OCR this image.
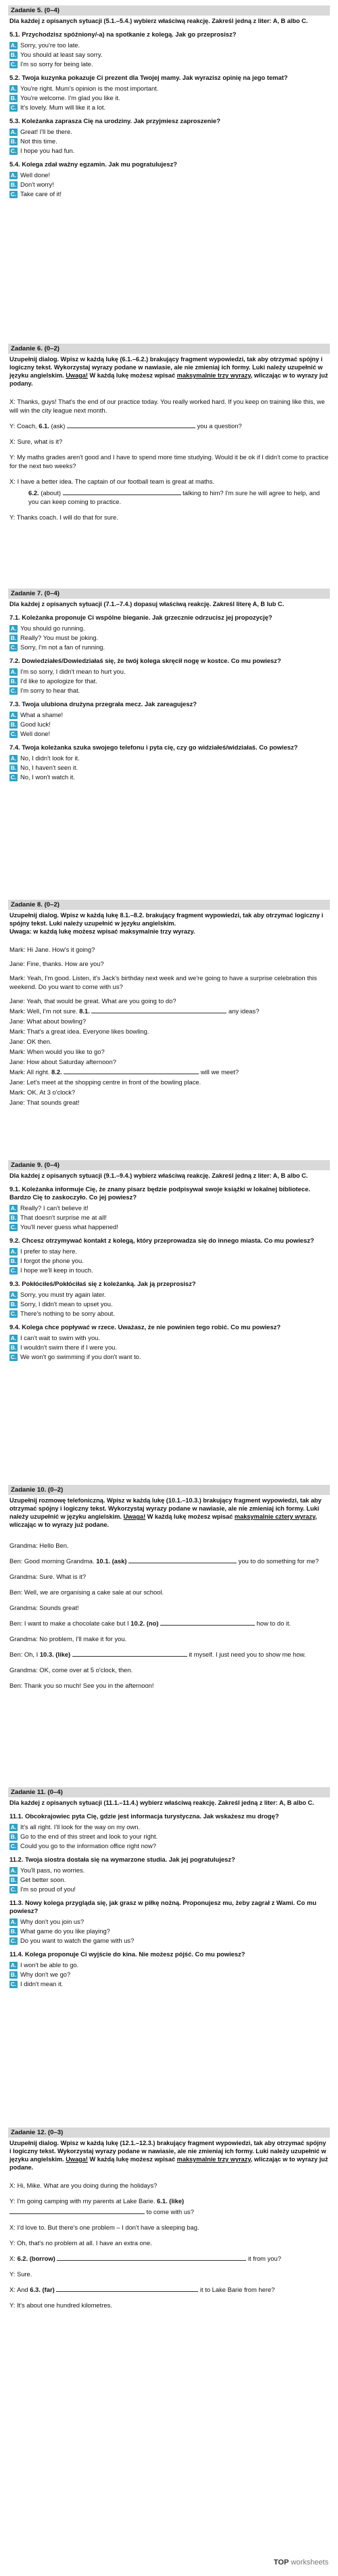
Zadanie 5. (0–4)
Dla każdej z opisanych sytuacji (5.1.–5.4.) wybierz właściwą reakcję. Zakreśl jedną z liter: A, B albo C.
5.1. Przychodzisz spóźniony/-a) na spotkanie z kolegą. Jak go przeprosisz?
A. Sorry, you're too late.
B. You should at least say sorry.
C. I'm so sorry for being late.
5.2. Twoja kuzynka pokazuje Ci prezent dla Twojej mamy. Jak wyrazisz opinię na jego temat?
A. You're right. Mum's opinion is the most important.
B. You're welcome. I'm glad you like it.
C. It's lovely. Mum will like it a lot.
5.3. Koleżanka zaprasza Cię na urodziny. Jak przyjmiesz zaproszenie?
A. Great! I'll be there.
B. Not this time.
C. I hope you had fun.
5.4. Kolega zdał ważny egzamin. Jak mu pogratulujesz?
A. Well done!
B. Don't worry!
C. Take care of it!
Zadanie 6. (0–2)
Uzupełnij dialog. Wpisz w każdą lukę (6.1.–6.2.) brakujący fragment wypowiedzi, tak aby otrzymać spójny i logiczny tekst. Wykorzystaj wyrazy podane w nawiasie, ale nie zmieniaj ich formy. Luki należy uzupełnić w języku angielskim. Uwaga! W każdą lukę możesz wpisać maksymalnie trzy wyrazy, wliczając w to wyrazy już podany.
X: Thanks, guys! That's the end of our practice today. You really worked hard. If you keep on training like this, we will win the city league next month.
Y: Coach, 6.1. (ask)	you a question?
X: Sure, what is it?
Y: My maths grades aren't good and I have to spend more time studying. Would it be ok if I didn't come to practice for the next two weeks?
X: I have a better idea. The captain of our football team is great at maths.
6.2. (about)	talking to him? I'm sure he will agree to help, and you can keep coming to practice.
Y: Thanks coach. I will do that for sure.
Zadanie 7. (0–4)
Dla każdej z opisanych sytuacji (7.1.–7.4.) dopasuj właściwą reakcję. Zakreśl literę A, B lub C.
7.1. Koleżanka proponuje Ci wspólne bieganie. Jak grzecznie odrzucisz jej propozycję?
A. You should go running.
B. Really? You must be joking.
C. Sorry, I'm not a fan of running.
7.2. Dowiedziałeś/Dowiedziałaś się, że twój kolega skręcił nogę w kostce. Co mu powiesz?
A. I'm so sorry, I didn't mean to hurt you.
B. I'd like to apologize for that.
C. I'm sorry to hear that.
7.3. Twoja ulubiona drużyna przegrała mecz. Jak zareagujesz?
A. What a shame!
B. Good luck!
C. Well done!
7.4. Twoja koleżanka szuka swojego telefonu i pyta cię, czy go widziałeś/widziałaś. Co powiesz?
A. No, I didn't look for it.
B. No, I haven't seen it.
C. No, I won't watch it.
Zadanie 8. (0–2)
Uzupełnij dialog. Wpisz w każdą lukę 8.1.–8.2. brakujący fragment wypowiedzi, tak aby otrzymać logiczny i spójny tekst. Luki należy uzupełnić w języku angielskim.
Uwaga: w każdą lukę możesz wpisać maksymalnie trzy wyrazy.
Mark: Hi Jane. How's it going?
Jane: Fine, thanks. How are you?
Mark: Yeah, I'm good. Listen, it's Jack's birthday next week and we're going to have a surprise celebration this weekend. Do you want to come with us?
Jane: Yeah, that would be great. What are you going to do?
Mark: Well, I'm not sure. 8.1.	any ideas?
Jane: What about bowling?
Mark: That's a great idea. Everyone likes bowling.
Jane: OK then.
Mark: When would you like to go?
Jane: How about Saturday afternoon?
Mark: All right. 8.2.	will we meet?
Jane: Let's meet at the shopping centre in front of the bowling place.
Mark: OK. At 3 o'clock?
Jane: That sounds great!
Zadanie 9. (0–4)
Dla każdej z opisanych sytuacji (9.1.–9.4.) wybierz właściwą reakcję. Zakreśl jedną z liter: A, B albo C.
9.1. Koleżanka informuje Cię, że znany pisarz będzie podpisywał swoje książki w lokalnej bibliotece. Bardzo Cię to zaskoczyło. Co jej powiesz?
A. Really? I can't believe it!
B. That doesn't surprise me at all!
C. You'll never guess what happened!
9.2. Chcesz otrzymywać kontakt z kolegą, który przeprowadza się do innego miasta. Co mu powiesz?
A. I prefer to stay here.
B. I forgot the phone you.
C. I hope we'll keep in touch.
9.3. Pokłóciłeś/Pokłóciłaś się z koleżanką. Jak ją przeprosisz?
A. Sorry, you must try again later.
B. Sorry, I didn't mean to upset you.
C. There's nothing to be sorry about.
9.4. Kolega chce popływać w rzece. Uważasz, że nie powinien tego robić. Co mu powiesz?
A. I can't wait to swim with you.
B. I wouldn't swim there if I were you.
C. We won't go swimming if you don't want to.
Zadanie 10. (0–2)
Uzupełnij rozmowę telefoniczną. Wpisz w każdą lukę (10.1.–10.3.) brakujący fragment wypowiedzi, tak aby otrzymać spójny i logiczny tekst. Wykorzystaj wyrazy podane w nawiasie, ale nie zmieniaj ich formy. Luki należy uzupełnić w języku angielskim. Uwaga! W każdą lukę możesz wpisać maksymalnie cztery wyrazy, wliczając w to wyrazy już podane.
Grandma: Hello Ben.
Ben: Good morning Grandma. 10.1. (ask)	you to do something for me?
Grandma: Sure. What is it?
Ben: Well, we are organising a cake sale at our school.
Grandma: Sounds great!
Ben: I want to make a chocolate cake but I 10.2. (no)	how to do it.
Grandma: No problem, I'll make it for you.
Ben: Oh, I 10.3. (like)	it myself. I just need you to show me how.
Grandma: OK, come over at 5 o'clock, then.
Ben: Thank you so much! See you in the afternoon!
Zadanie 11. (0–4)
Dla każdej z opisanych sytuacji (11.1.–11.4.) wybierz właściwą reakcję. Zakreśl jedną z liter: A, B albo C.
11.1. Obcokrajowiec pyta Cię, gdzie jest informacja turystyczna. Jak wskażesz mu drogę?
A. It's all right. I'll look for the way on my own.
B. Go to the end of this street and look to your right.
C. Could you go to the information office right now?
11.2. Twoja siostra dostała się na wymarzone studia. Jak jej pogratulujesz?
A. You'll pass, no worries.
B. Get better soon.
C. I'm so proud of you!
11.3. Nowy kolega przygląda się, jak grasz w piłkę nożną. Proponujesz mu, żeby zagrał z Wami. Co mu powiesz?
A. Why don't you join us?
B. What game do you like playing?
C. Do you want to watch the game with us?
11.4. Kolega proponuje Ci wyjście do kina. Nie możesz pójść. Co mu powiesz?
A. I won't be able to go.
B. Why don't we go?
C. I didn't mean it.
Zadanie 12. (0–3)
Uzupełnij dialog. Wpisz w każdą lukę (12.1.–12.3.) brakujący fragment wypowiedzi, tak aby otrzymać spójny i logiczny tekst. Wykorzystaj wyrazy podane w nawiasie, ale nie zmieniaj ich formy. Luki należy uzupełnić w języku angielskim. Uwaga! W każdą lukę możesz wpisać maksymalnie trzy wyrazy, wliczając w to wyrazy już podane.
X: Hi, Mike. What are you doing during the holidays?
Y: I'm going camping with my parents at Lake Barie. 6.1. (like)
to come with us?
X: I'd love to. But there's one problem – I don't have a sleeping bag.
Y: Oh, that's no problem at all. I have an extra one.
X: 6.2. (borrow)	it from you?
Y: Sure.
X: And 6.3. (far)	it to Lake Barie from here?
Y: It's about one hundred kilometres.
TOP worksheets
